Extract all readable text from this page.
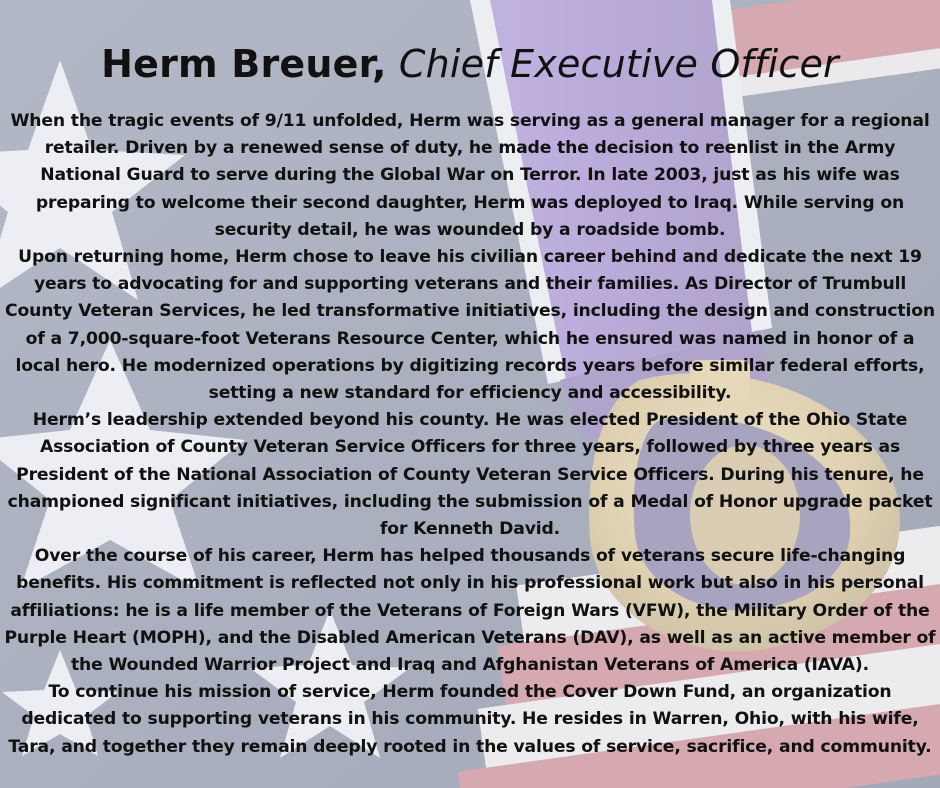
Herm Breuer, Chief Executive Officer

When the tragic events of 9/11 unfolded, Herm was serving as a general manager for a regional retailer. Driven by a renewed sense of duty, he made the decision to reenlist in the Army National Guard to serve during the Global War on Terror. In late 2003, just as his wife was preparing to welcome their second daughter, Herm was deployed to Iraq. While serving on security detail, he was wounded by a roadside bomb.

Upon returning home, Herm chose to leave his civilian career behind and dedicate the next 19 years to advocating for and supporting veterans and their families. As Director of Trumbull County Veteran Services, he led transformative initiatives, including the design and construction of a 7,000-square-foot Veterans Resource Center, which he ensured was named in honor of a local hero. He modernized operations by digitizing records years before similar federal efforts, setting a new standard for efficiency and accessibility.

Herm’s leadership extended beyond his county. He was elected President of the Ohio State Association of County Veteran Service Officers for three years, followed by three years as President of the National Association of County Veteran Service Officers. During his tenure, he championed significant initiatives, including the submission of a Medal of Honor upgrade packet for Kenneth David.

Over the course of his career, Herm has helped thousands of veterans secure life-changing benefits. His commitment is reflected not only in his professional work but also in his personal affiliations: he is a life member of the Veterans of Foreign Wars (VFW), the Military Order of the Purple Heart (MOPH), and the Disabled American Veterans (DAV), as well as an active member of the Wounded Warrior Project and Iraq and Afghanistan Veterans of America (IAVA).

To continue his mission of service, Herm founded the Cover Down Fund, an organization dedicated to supporting veterans in his community. He resides in Warren, Ohio, with his wife, Tara, and together they remain deeply rooted in the values of service, sacrifice, and community.
